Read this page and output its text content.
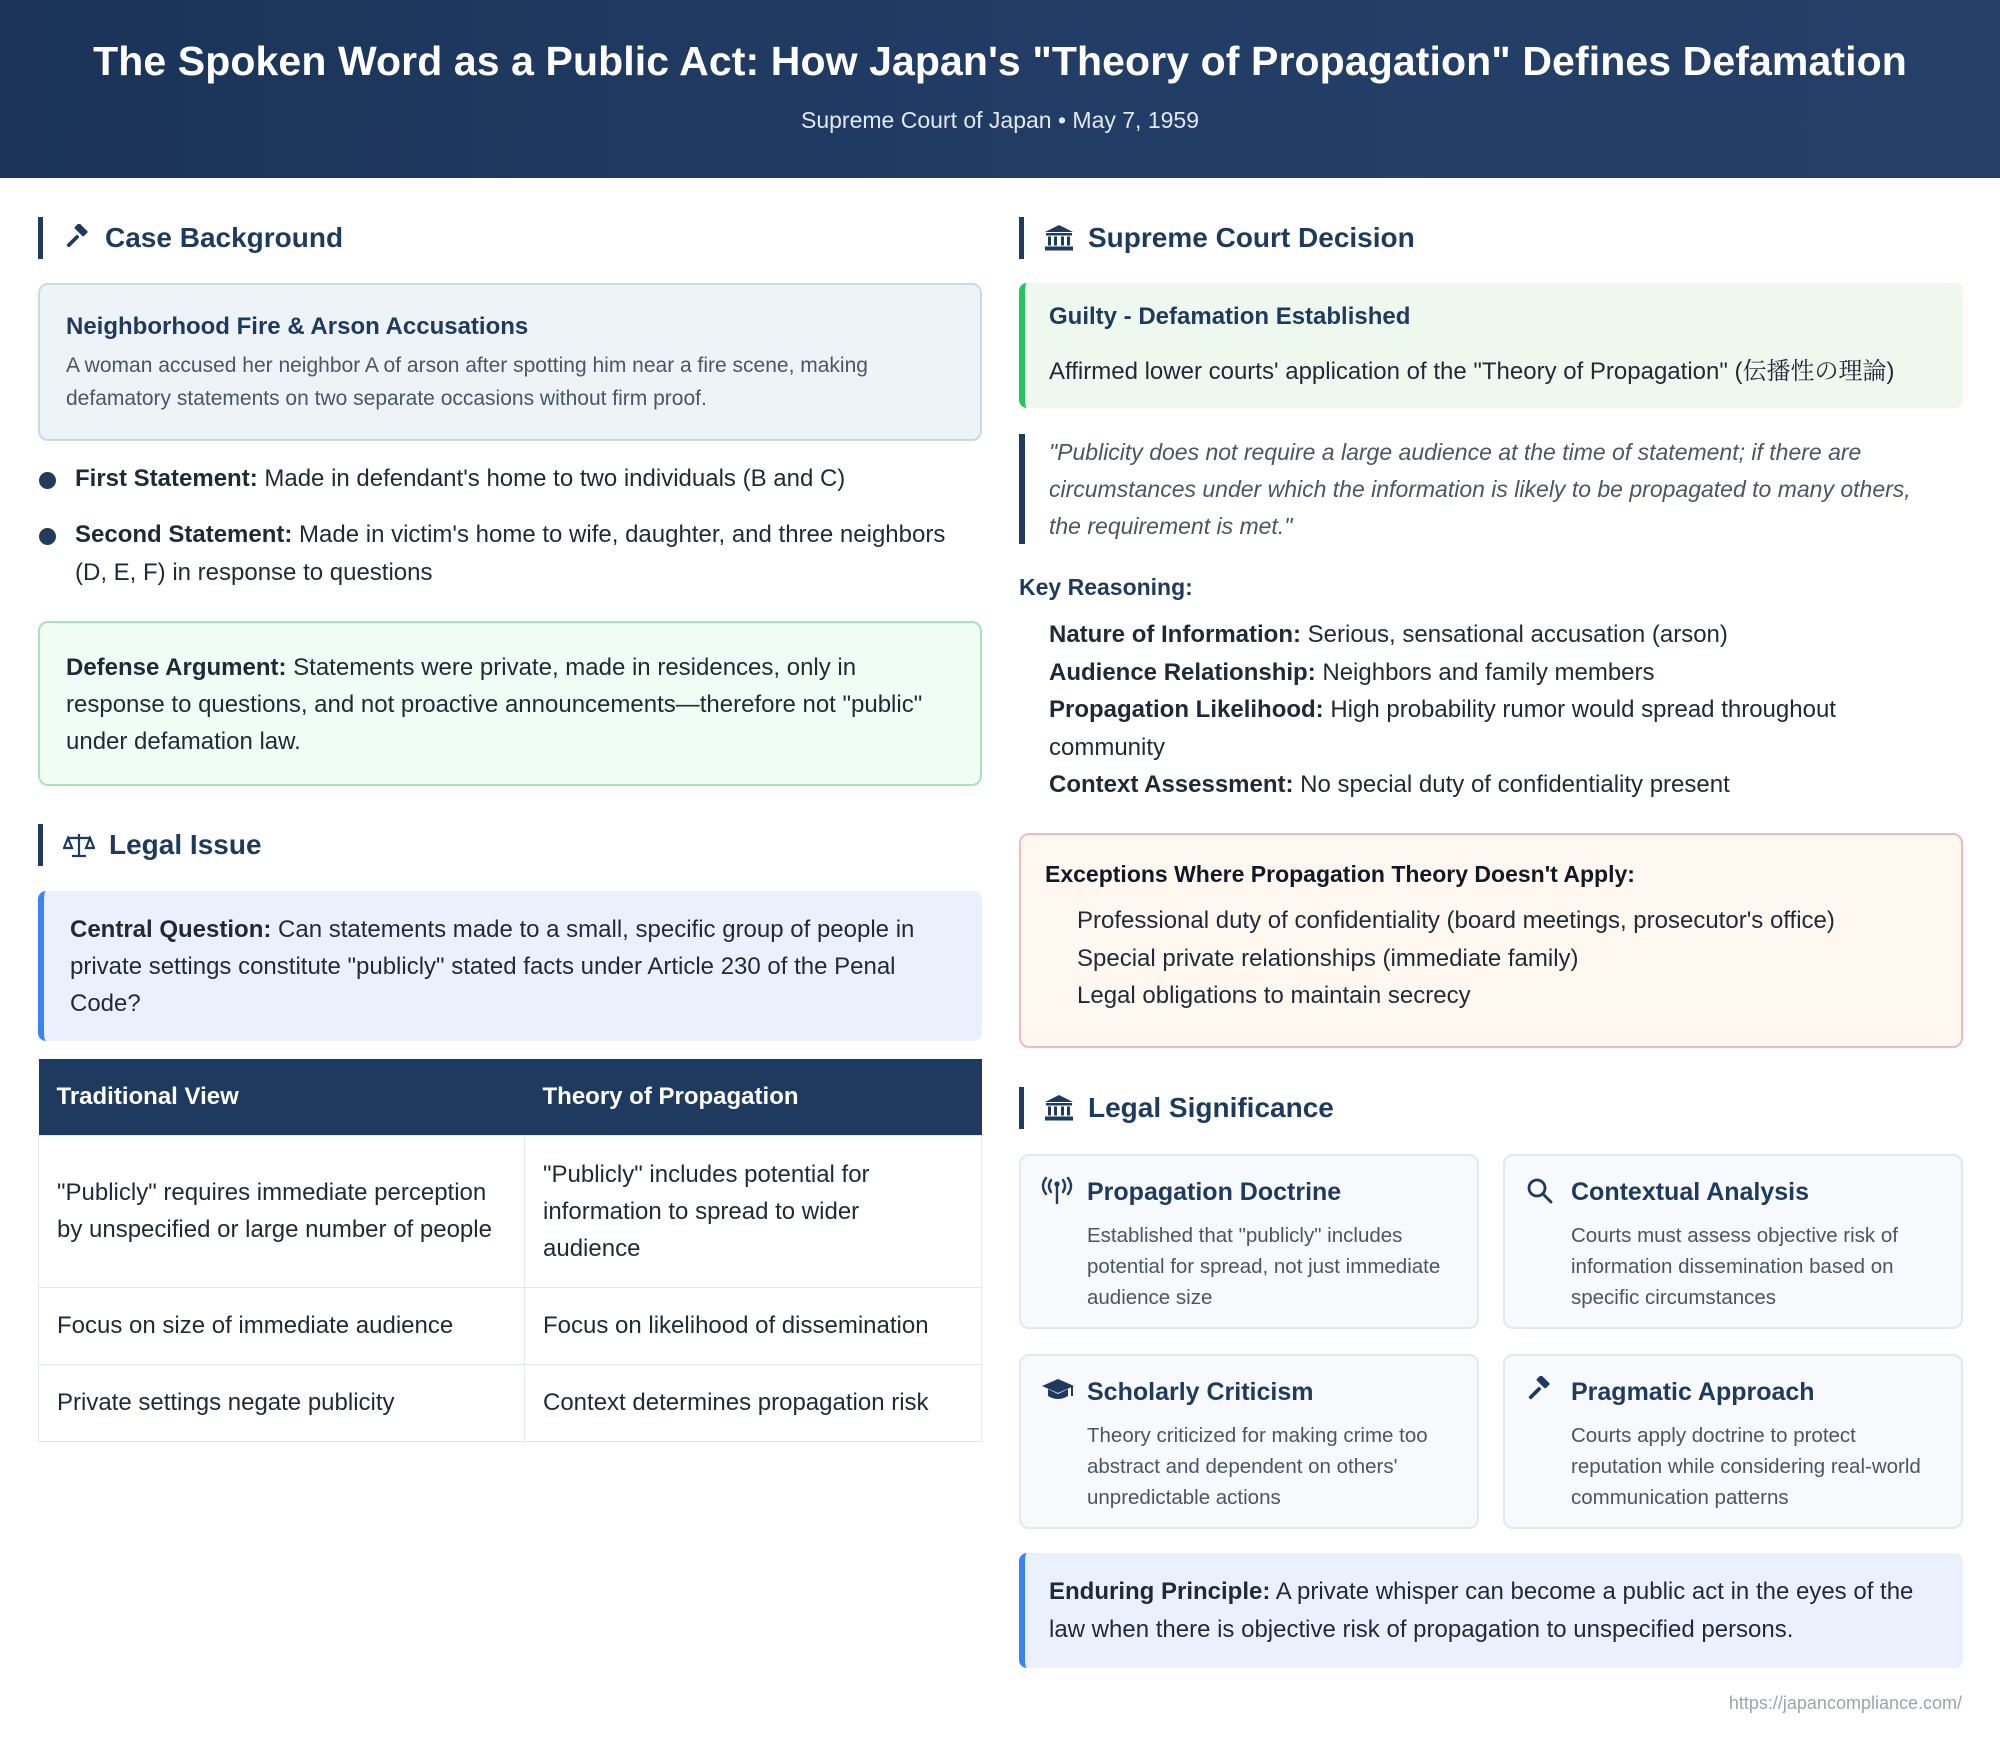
The Spoken Word as a Public Act: How Japan's "Theory of Propagation" Defines Defamation
Supreme Court of Japan • May 7, 1959
Case Background
Neighborhood Fire & Arson Accusations
A woman accused her neighbor A of arson after spotting him near a fire scene, making defamatory statements on two separate occasions without firm proof.
First Statement: Made in defendant's home to two individuals (B and C)
Second Statement: Made in victim's home to wife, daughter, and three neighbors (D, E, F) in response to questions
Defense Argument: Statements were private, made in residences, only in response to questions, and not proactive announcements—therefore not "public" under defamation law.
Legal Issue
Central Question: Can statements made to a small, specific group of people in private settings constitute "publicly" stated facts under Article 230 of the Penal Code?
Traditional View	Theory of Propagation
"Publicly" requires immediate perception by unspecified or large number of people	"Publicly" includes potential for information to spread to wider audience
Focus on size of immediate audience	Focus on likelihood of dissemination
Private settings negate publicity	Context determines propagation risk
Supreme Court Decision
Guilty - Defamation Established
Affirmed lower courts' application of the "Theory of Propagation" (伝播性の理論)
"Publicity does not require a large audience at the time of statement; if there are circumstances under which the information is likely to be propagated to many others, the requirement is met."
Key Reasoning:
Nature of Information: Serious, sensational accusation (arson)
Audience Relationship: Neighbors and family members
Propagation Likelihood: High probability rumor would spread throughout community
Context Assessment: No special duty of confidentiality present
Exceptions Where Propagation Theory Doesn't Apply:
Professional duty of confidentiality (board meetings, prosecutor's office)
Special private relationships (immediate family)
Legal obligations to maintain secrecy
Legal Significance
Propagation Doctrine
Established that "publicly" includes potential for spread, not just immediate audience size
Contextual Analysis
Courts must assess objective risk of information dissemination based on specific circumstances
Scholarly Criticism
Theory criticized for making crime too abstract and dependent on others' unpredictable actions
Pragmatic Approach
Courts apply doctrine to protect reputation while considering real-world communication patterns
Enduring Principle: A private whisper can become a public act in the eyes of the law when there is objective risk of propagation to unspecified persons.
https://japancompliance.com/
